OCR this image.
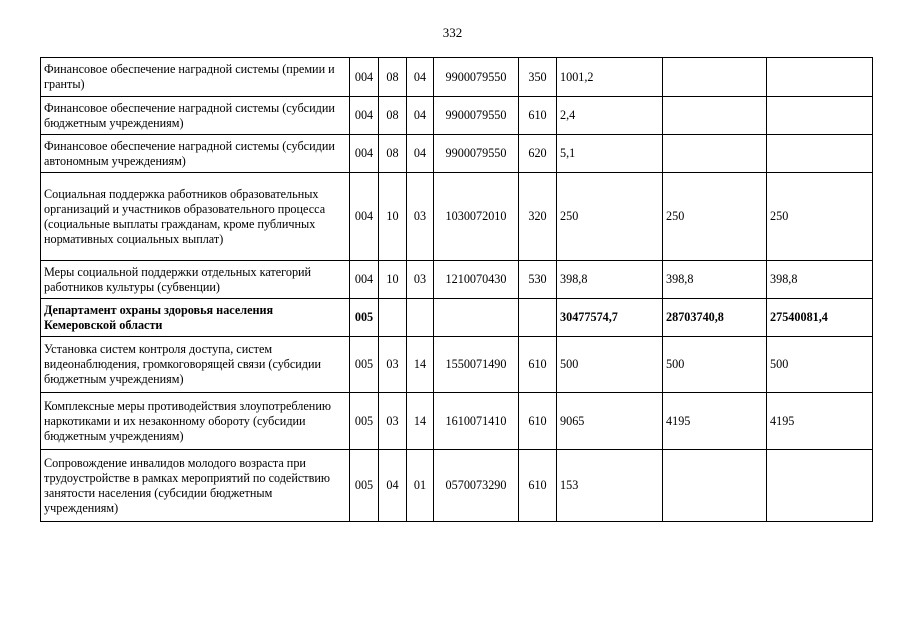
332
Финансовое обеспечение наградной системы (премии и гранты)	004	08	04	9900079550	350	1001,2		
Финансовое обеспечение наградной системы (субсидии бюджетным учреждениям)	004	08	04	9900079550	610	2,4		
Финансовое обеспечение наградной системы (субсидии автономным учреждениям)	004	08	04	9900079550	620	5,1		
Социальная поддержка работников образовательных организаций и участников образовательного процесса (социальные выплаты гражданам, кроме публичных нормативных социальных выплат)	004	10	03	1030072010	320	250	250	250
Меры социальной поддержки отдельных категорий работников культуры (субвенции)	004	10	03	1210070430	530	398,8	398,8	398,8
Департамент охраны здоровья населения Кемеровской области	005					30477574,7	28703740,8	27540081,4
Установка систем контроля доступа, систем видеонаблюдения, громкоговорящей связи (субсидии бюджетным учреждениям)	005	03	14	1550071490	610	500	500	500
Комплексные меры противодействия злоупотреблению наркотиками и их незаконному обороту (субсидии бюджетным учреждениям)	005	03	14	1610071410	610	9065	4195	4195
Сопровождение инвалидов молодого возраста при трудоустройстве в рамках мероприятий по содействию занятости населения (субсидии бюджетным учреждениям)	005	04	01	0570073290	610	153		
